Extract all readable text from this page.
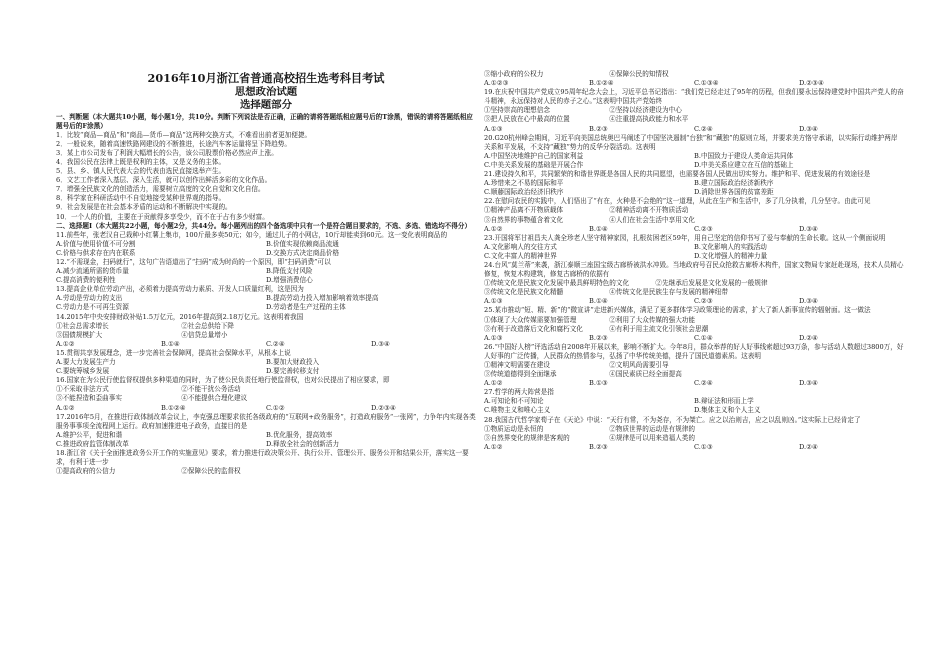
2016年10月浙江省普通高校招生选考科目考试
思想政治试题
选择题部分
一、判断题（本大题共10小题，每小题1分，共10分。判断下列说法是否正确，正确的请将答题纸相应题号后的T涂黑，错误的请将答题纸相应题号后的F涂黑）
1．比较“商品—商品”和“商品—货币—商品”这两种交换方式，不难看出前者更加便捷。
2．一般说来，随着高速铁路网建设的不断推进，长途汽车客运量将呈下降趋势。
3．某上市公司发布了利润大幅增长的公告，该公司股票价格必然应声上涨。
4．我国公民在法律上既是权利的主体，又是义务的主体。
5．县、乡、镇人民代表大会的代表由选民直接选举产生。
6．文艺工作者深入基层、深入生活，就可以创作出鲜活多彩的文化作品。
7．增强全民族文化的创造活力，需要树立高度的文化自觉和文化自信。
8．科学家在科研活动中不自觉地接受某种世界观的指导。
9．社会发展是在社会基本矛盾的运动和不断解决中实现的。
10．一个人的价值，主要在于贡献得多享受少，而不在于占有多少财富。
二、选择题Ⅰ（本大题共22小题，每小题2分，共44分。每小题列出的四个备选项中只有一个是符合题目要求的，不选、多选、错选均不得分）
11.前些年，张老汉自己栽种小红薯上集市，100斤最多卖50元；如今，通过儿子的小网店，10斤却能卖到60元。这一变化表明商品的
A.价值与使用价值不可分割	B.价值实现依赖商品流通
C.价格与供求存在内在联系	D.交换方式决定商品价格
12.“不需现金，扫码就行”，这句广告语道出了“扫码”成为时尚的一个原因，即“扫码消费”可以
A.减少流通所需的货币量	B.降低支付风险
C.提高消费的便利性	D.增强消费信心
13.提高企业单位劳动产出，必须着力提高劳动力素质、开发人口质量红利，这是因为
A.劳动是劳动力的支出	B.提高劳动力投入增加影响着效率提高
C.劳动力是不可再生资源	D.劳动者是生产过程的主体
14.2015年中央安排财政补贴1.5万亿元，2016年提高到2.18万亿元。这表明着我国
①社会总需求增长　　　　　　　　　　　②社会总供给下降
③国债规模扩大　　　　　　　　　　　　④信贷总量增小
A.①②	B.①④	C.②④	D.③④
15.贯彻共享发展理念，进一步完善社会保障网，提高社会保障水平，从根本上说
A.要大力发展生产力	B.要加大财政投入
C.要统筹城乡发展	D.要完善转移支付
16.国家在为公民行使监督权提供多种渠道的同时，为了使公民负责任地行使监督权，也对公民提出了相应要求，即
①不采取非法方式　　　　　　　　　　　②不能干扰公务活动
③不能捏造和歪曲事实　　　　　　　　　④不能提供合理化建议
A.①②	B.①②④	C.①②	D.②③④
17.2016年5月，在推进行政体制改革会议上，李克强总理要求依托各级政府的“互联网+政务服务”，打造政府服务“一张网”，力争年内实现各类服务事事项全流程网上运行。政府加速推进电子政务，直接目的是
A.维护公平，促进和谐	B.优化服务，提高效率
C.推进政府监管体制改革	D.释放全社会的创新活力
18.浙江省《关于全面推进政务公开工作的实施意见》要求，着力推进行政决策公开、执行公开、管理公开、服务公开和结果公开，落实这一要求，有利于进一步
①提高政府的公信力　　　　　　　　　　②保障公民的监督权
③缩小政府的公权力　　　　　　　　　　④保障公民的知情权
A.①②③	B.①②④	C.①③④	D.②③④
19.在庆祝中国共产党成立95周年纪念大会上，习近平总书记指出：“我们党已经走过了95年的历程，但我们要永远保持建党时中国共产党人的奋斗精神，永远保持对人民的赤子之心。”这表明中国共产党始终
①坚持崇高的理想信念　　　　　　　　　②坚持以经济建设为中心
③把人民放在心中最高的位置　　　　　　④注重提高执政能力和水平
A.①③	B.②③	C.②④	D.③④
20.G20杭州峰会期间，习近平向美国总统奥巴马阐述了中国坚决遏制“台独”和“藏独”的原则立场，并要求美方恪守承诺，以实际行动维护两岸关系和平发展，不支持“藏独”势力的反华分裂活动。这表明
A.中国坚决地维护自己的国家利益	B.中国致力于建设人类命运共同体
C.中美关系发展的基础是开展合作	D.中美关系应建立在互信的基础上
21.建设持久和平，共同繁荣的和谐世界既是各国人民的共同愿望，也需要各国人民做出切实努力。维护和平、促进发展的有效途径是
A.珍惜来之不易的国际和平	B.建立国际政治经济新秩序
C.顺藤国际政治经济旧秩序	D.消除世界各国的贫富差距
22.在慰问农民的实践中，人们悟出了“有在，火种是不会绝的”这一道理，从此在生产和生活中，多了几分执着，几分坚守。由此可见
①精神产品离不开物质载体　　　　　　　②精神活动离不开物质活动
③自然界的事物蕴含着文化　　　　　　　④人们在社会生活中享用文化
A.①②	B.①④	C.②③	D.③④
23.开国将军甘祖昌夫人龚全珍老人坚守精神家园，扎根贫困老区59年，用自己坚定的信仰书写了爱与奉献的生命长歌。这从一个侧面说明
A.文化影响人的交往方式	B.文化影响人的实践活动
C.文化丰富人的精神世界	D.文化增强人的精神力量
24.台风“莫兰蒂”来袭，浙江泰顺三座国宝级古廊桥被洪水冲毁。当地政府号召民众抢救古廊桥木构件，国家文物局专家赶赴现场，技术人员精心修复，恢复木构建筑，修复古廊桥的依据有
①传统文化是民族文化发展中最具鲜明特色的文化　　　　②先继承后发展是文化发展的一般规律
③传统文化是民族文化精髓　　　　　　　④传统文化是民族生存与发展的精神纽带
A.①③	B.①④	C.②③	D.③④
25.某市推动“短、精、新”的“微宣讲”走进新兴媒体，满足了更多群体学习政策理论的需求，扩大了新人新事宣传的辐射面。这一做法
①体现了大众传媒需要加强管理　　　　　②利用了大众传媒的强大功能
③有利于改造落后文化和腐朽文化　　　　④有利于用主流文化引领社会思潮
A.①③	B.②③	C.①④	D.②④
26.“中国好人榜”评选活动自2008年开展以来，影响不断扩大。今年8月，群众举荐的好人好事线索超过93万条，参与活动人数超过3800万，好人好事的广泛传播，人民群众的热情参与，弘扬了中华传统美德，提升了国民道德素质。这表明
①精神文明需要在建设　　　　　　　　　②文明风尚需要引导
③传统道德得到全面继承　　　　　　　　④国民素质已经全面提高
A.①②	B.①③	C.②④	D.③④
27.哲学的两大阵营是指
A.可知论和不可知论	B.辩证法和形而上学
C.唯物主义和唯心主义	D.集体主义和个人主义
28.我国古代哲学家荀子在《天论》中说：“天行有常，不为尧存，不为桀亡。应之以治则吉，应之以乱则凶。”这实际上已经肯定了
①物质运动是永恒的　　　　　　　　　　②物质世界的运动是有规律的
③自然界变化的规律是客观的　　　　　　④规律是可以用来造福人类的
A.①②	B.②③	C.①③	D.②④
